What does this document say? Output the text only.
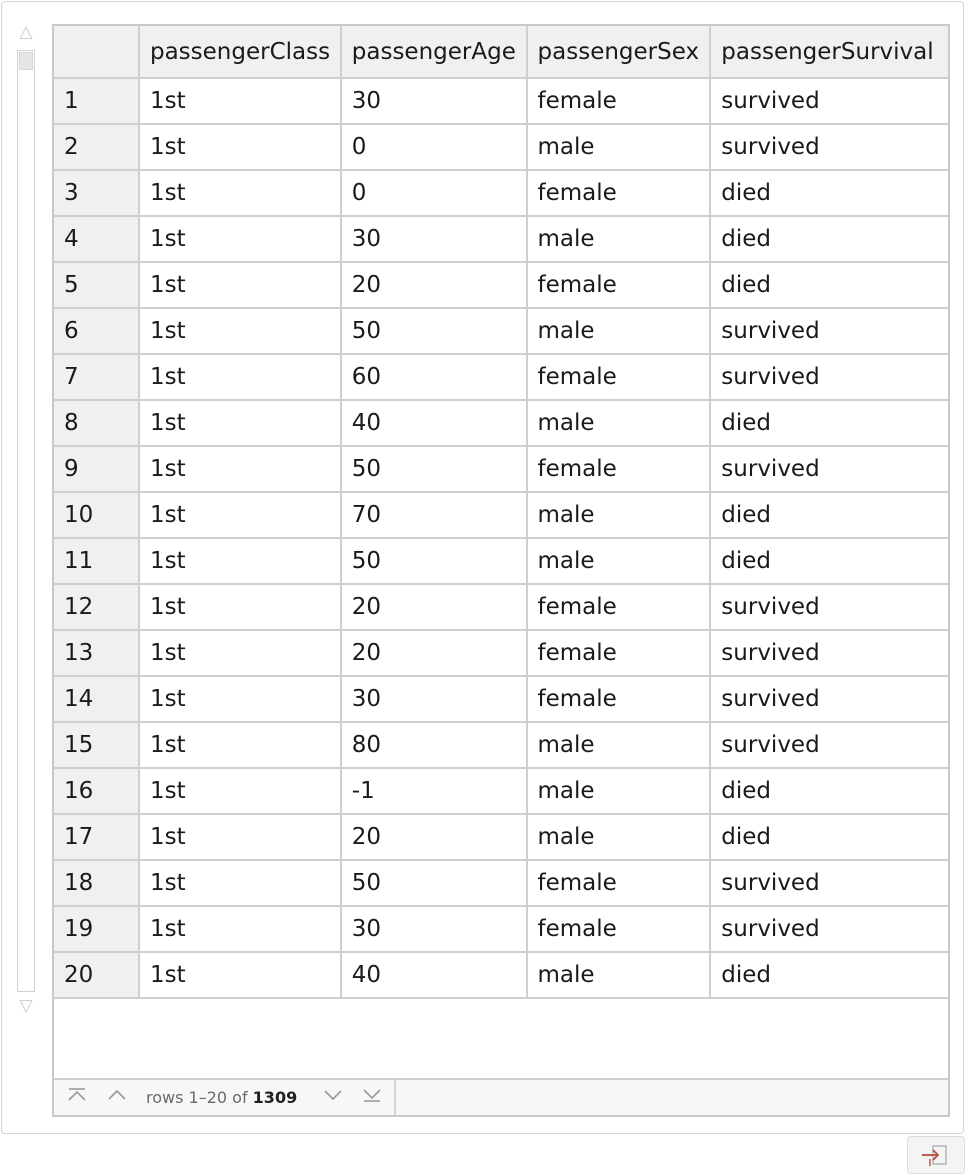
△
▽
	passengerClass	passengerAge	passengerSex	passengerSurvival
1	1st	30	female	survived
2	1st	0	male	survived
3	1st	0	female	died
4	1st	30	male	died
5	1st	20	female	died
6	1st	50	male	survived
7	1st	60	female	survived
8	1st	40	male	died
9	1st	50	female	survived
10	1st	70	male	died
11	1st	50	male	died
12	1st	20	female	survived
13	1st	20	female	survived
14	1st	30	female	survived
15	1st	80	male	survived
16	1st	-1	male	died
17	1st	20	male	died
18	1st	50	female	survived
19	1st	30	female	survived
20	1st	40	male	died
rows 1–20 of 1309
